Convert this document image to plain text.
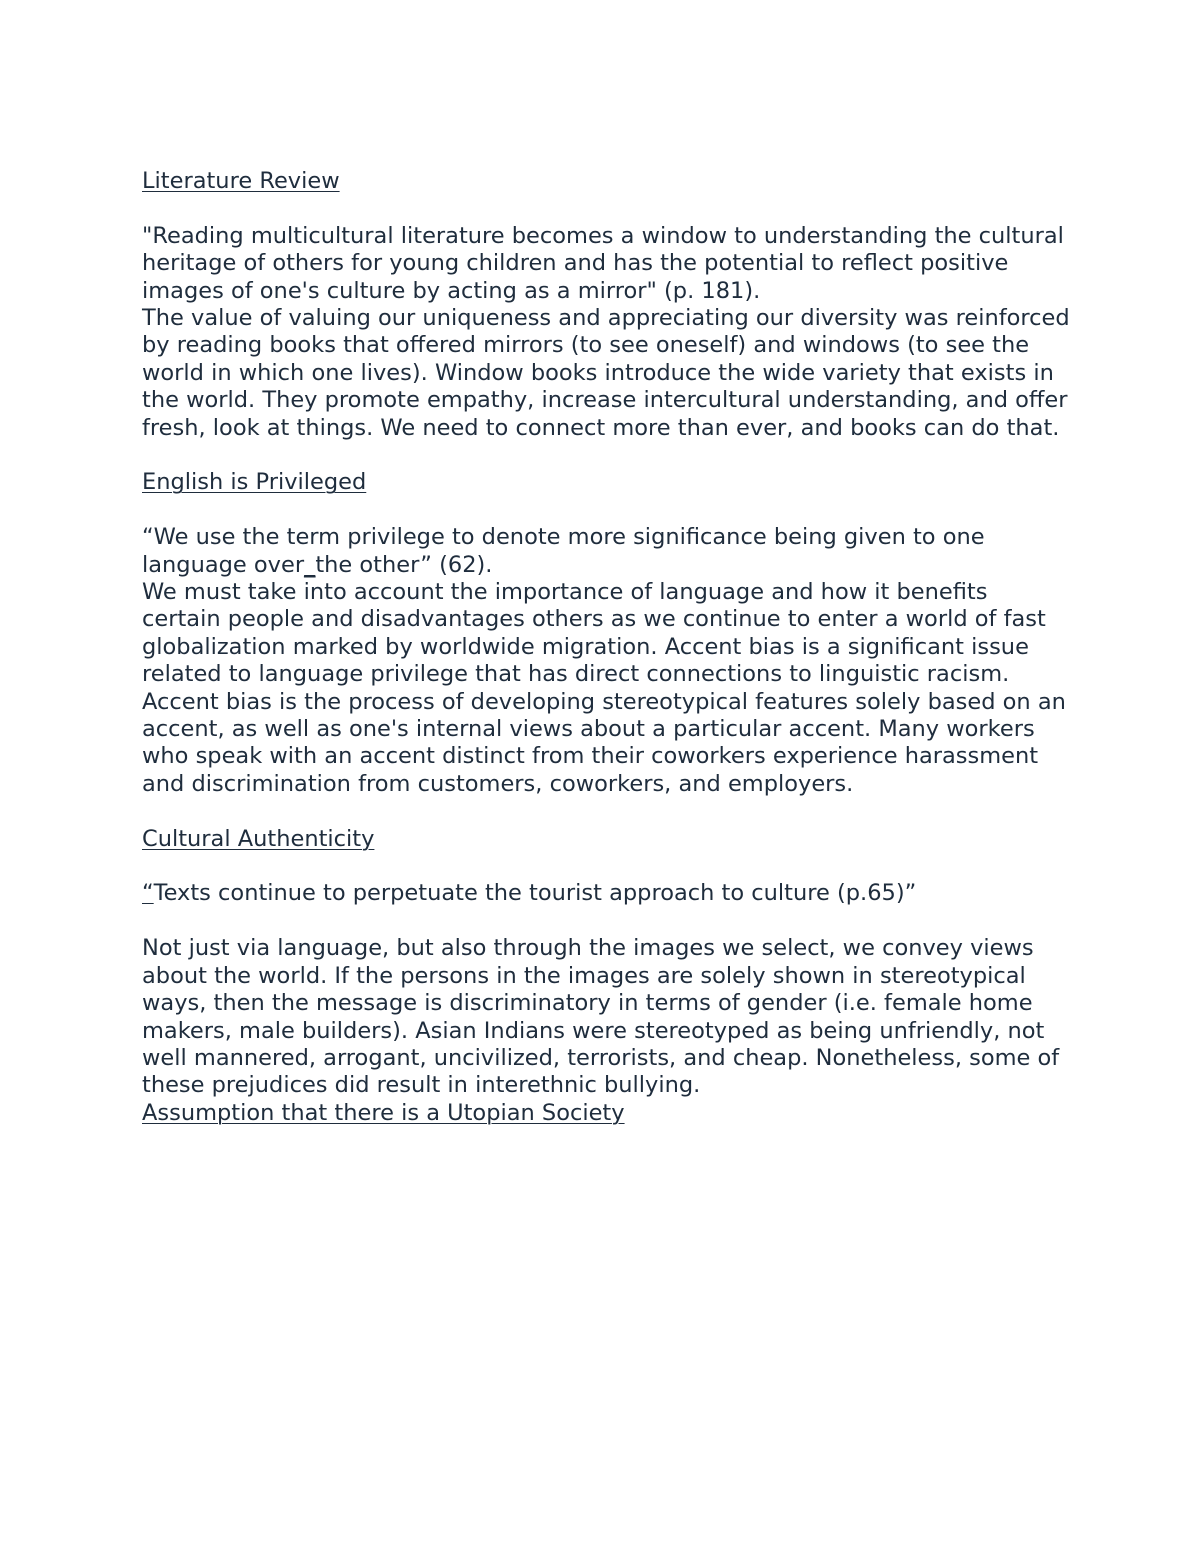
Literature Review

"Reading multicultural literature becomes a window to understanding the cultural heritage of others for young children and has the potential to reflect positive images of one's culture by acting as a mirror" (p. 181).

The value of valuing our uniqueness and appreciating our diversity was reinforced by reading books that offered mirrors (to see oneself) and windows (to see the world in which one lives). Window books introduce the wide variety that exists in the world. They promote empathy, increase intercultural understanding, and offer fresh, look at things. We need to connect more than ever, and books can do that.

English is Privileged

“We use the term privilege to denote more significance being given to one language over_the other” (62).

We must take into account the importance of language and how it benefits certain people and disadvantages others as we continue to enter a world of fast globalization marked by worldwide migration. Accent bias is a significant issue related to language privilege that has direct connections to linguistic racism. Accent bias is the process of developing stereotypical features solely based on an accent, as well as one's internal views about a particular accent. Many workers who speak with an accent distinct from their coworkers experience harassment and discrimination from customers, coworkers, and employers.

Cultural Authenticity

“Texts continue to perpetuate the tourist approach to culture (p.65)”

Not just via language, but also through the images we select, we convey views about the world. If the persons in the images are solely shown in stereotypical ways, then the message is discriminatory in terms of gender (i.e. female home makers, male builders). Asian Indians were stereotyped as being unfriendly, not well mannered, arrogant, uncivilized, terrorists, and cheap. Nonetheless, some of these prejudices did result in interethnic bullying.

Assumption that there is a Utopian Society
